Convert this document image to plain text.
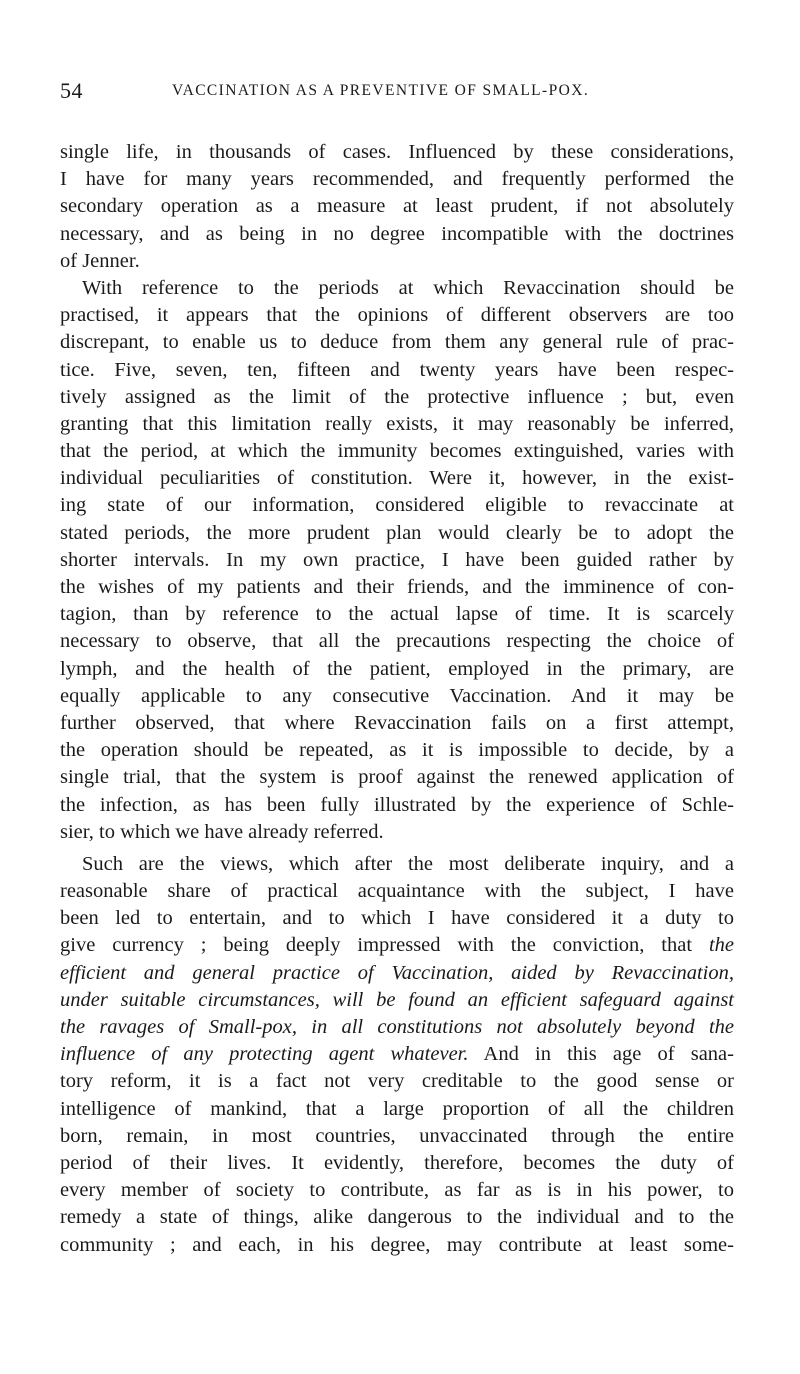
54	VACCINATION AS A PREVENTIVE OF SMALL-POX.
single life, in thousands of cases. Influenced by these considerations,
I have for many years recommended, and frequently performed the
secondary operation as a measure at least prudent, if not absolutely
necessary, and as being in no degree incompatible with the doctrines
of Jenner.
With reference to the periods at which Revaccination should be
practised, it appears that the opinions of different observers are too
discrepant, to enable us to deduce from them any general rule of prac-
tice. Five, seven, ten, fifteen and twenty years have been respec-
tively assigned as the limit of the protective influence ; but, even
granting that this limitation really exists, it may reasonably be inferred,
that the period, at which the immunity becomes extinguished, varies with
individual peculiarities of constitution. Were it, however, in the exist-
ing state of our information, considered eligible to revaccinate at
stated periods, the more prudent plan would clearly be to adopt the
shorter intervals. In my own practice, I have been guided rather by
the wishes of my patients and their friends, and the imminence of con-
tagion, than by reference to the actual lapse of time. It is scarcely
necessary to observe, that all the precautions respecting the choice of
lymph, and the health of the patient, employed in the primary, are
equally applicable to any consecutive Vaccination. And it may be
further observed, that where Revaccination fails on a first attempt,
the operation should be repeated, as it is impossible to decide, by a
single trial, that the system is proof against the renewed application of
the infection, as has been fully illustrated by the experience of Schle-
sier, to which we have already referred.
Such are the views, which after the most deliberate inquiry, and a
reasonable share of practical acquaintance with the subject, I have
been led to entertain, and to which I have considered it a duty to
give currency ; being deeply impressed with the conviction, that the
efficient and general practice of Vaccination, aided by Revaccination,
under suitable circumstances, will be found an efficient safeguard against
the ravages of Small-pox, in all constitutions not absolutely beyond the
influence of any protecting agent whatever. And in this age of sana-
tory reform, it is a fact not very creditable to the good sense or
intelligence of mankind, that a large proportion of all the children
born, remain, in most countries, unvaccinated through the entire
period of their lives. It evidently, therefore, becomes the duty of
every member of society to contribute, as far as is in his power, to
remedy a state of things, alike dangerous to the individual and to the
community ; and each, in his degree, may contribute at least some-
